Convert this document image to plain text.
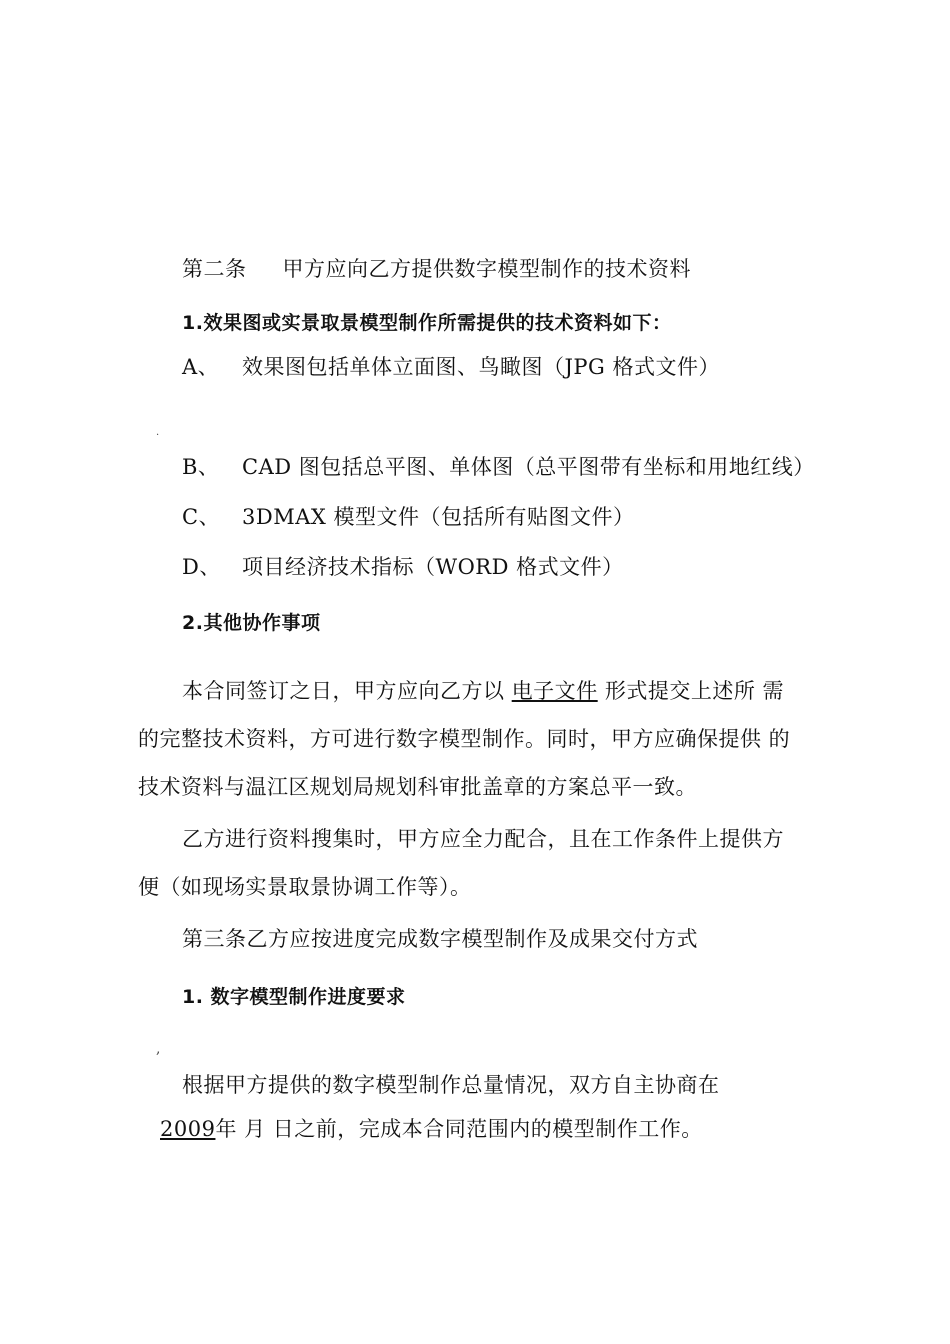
第二条 甲方应向乙方提供数字模型制作的技术资料
1.效果图或实景取景模型制作所需提供的技术资料如下：
A、 效果图包括单体立面图、鸟瞰图（JPG 格式文件）
.
B、 CAD 图包括总平图、单体图（总平图带有坐标和用地红线）
C、 3DMAX 模型文件（包括所有贴图文件）
D、 项目经济技术指标（WORD 格式文件）
2.其他协作事项
本合同签订之日，甲方应向乙方以 电子文件 形式提交上述所 需
的完整技术资料，方可进行数字模型制作。同时，甲方应确保提供 的
技术资料与温江区规划局规划科审批盖章的方案总平一致。
乙方进行资料搜集时，甲方应全力配合，且在工作条件上提供方
便（如现场实景取景协调工作等）。
第三条乙方应按进度完成数字模型制作及成果交付方式
1. 数字模型制作进度要求
,
根据甲方提供的数字模型制作总量情况，双方自主协商在
2009年 月 日之前，完成本合同范围内的模型制作工作。
